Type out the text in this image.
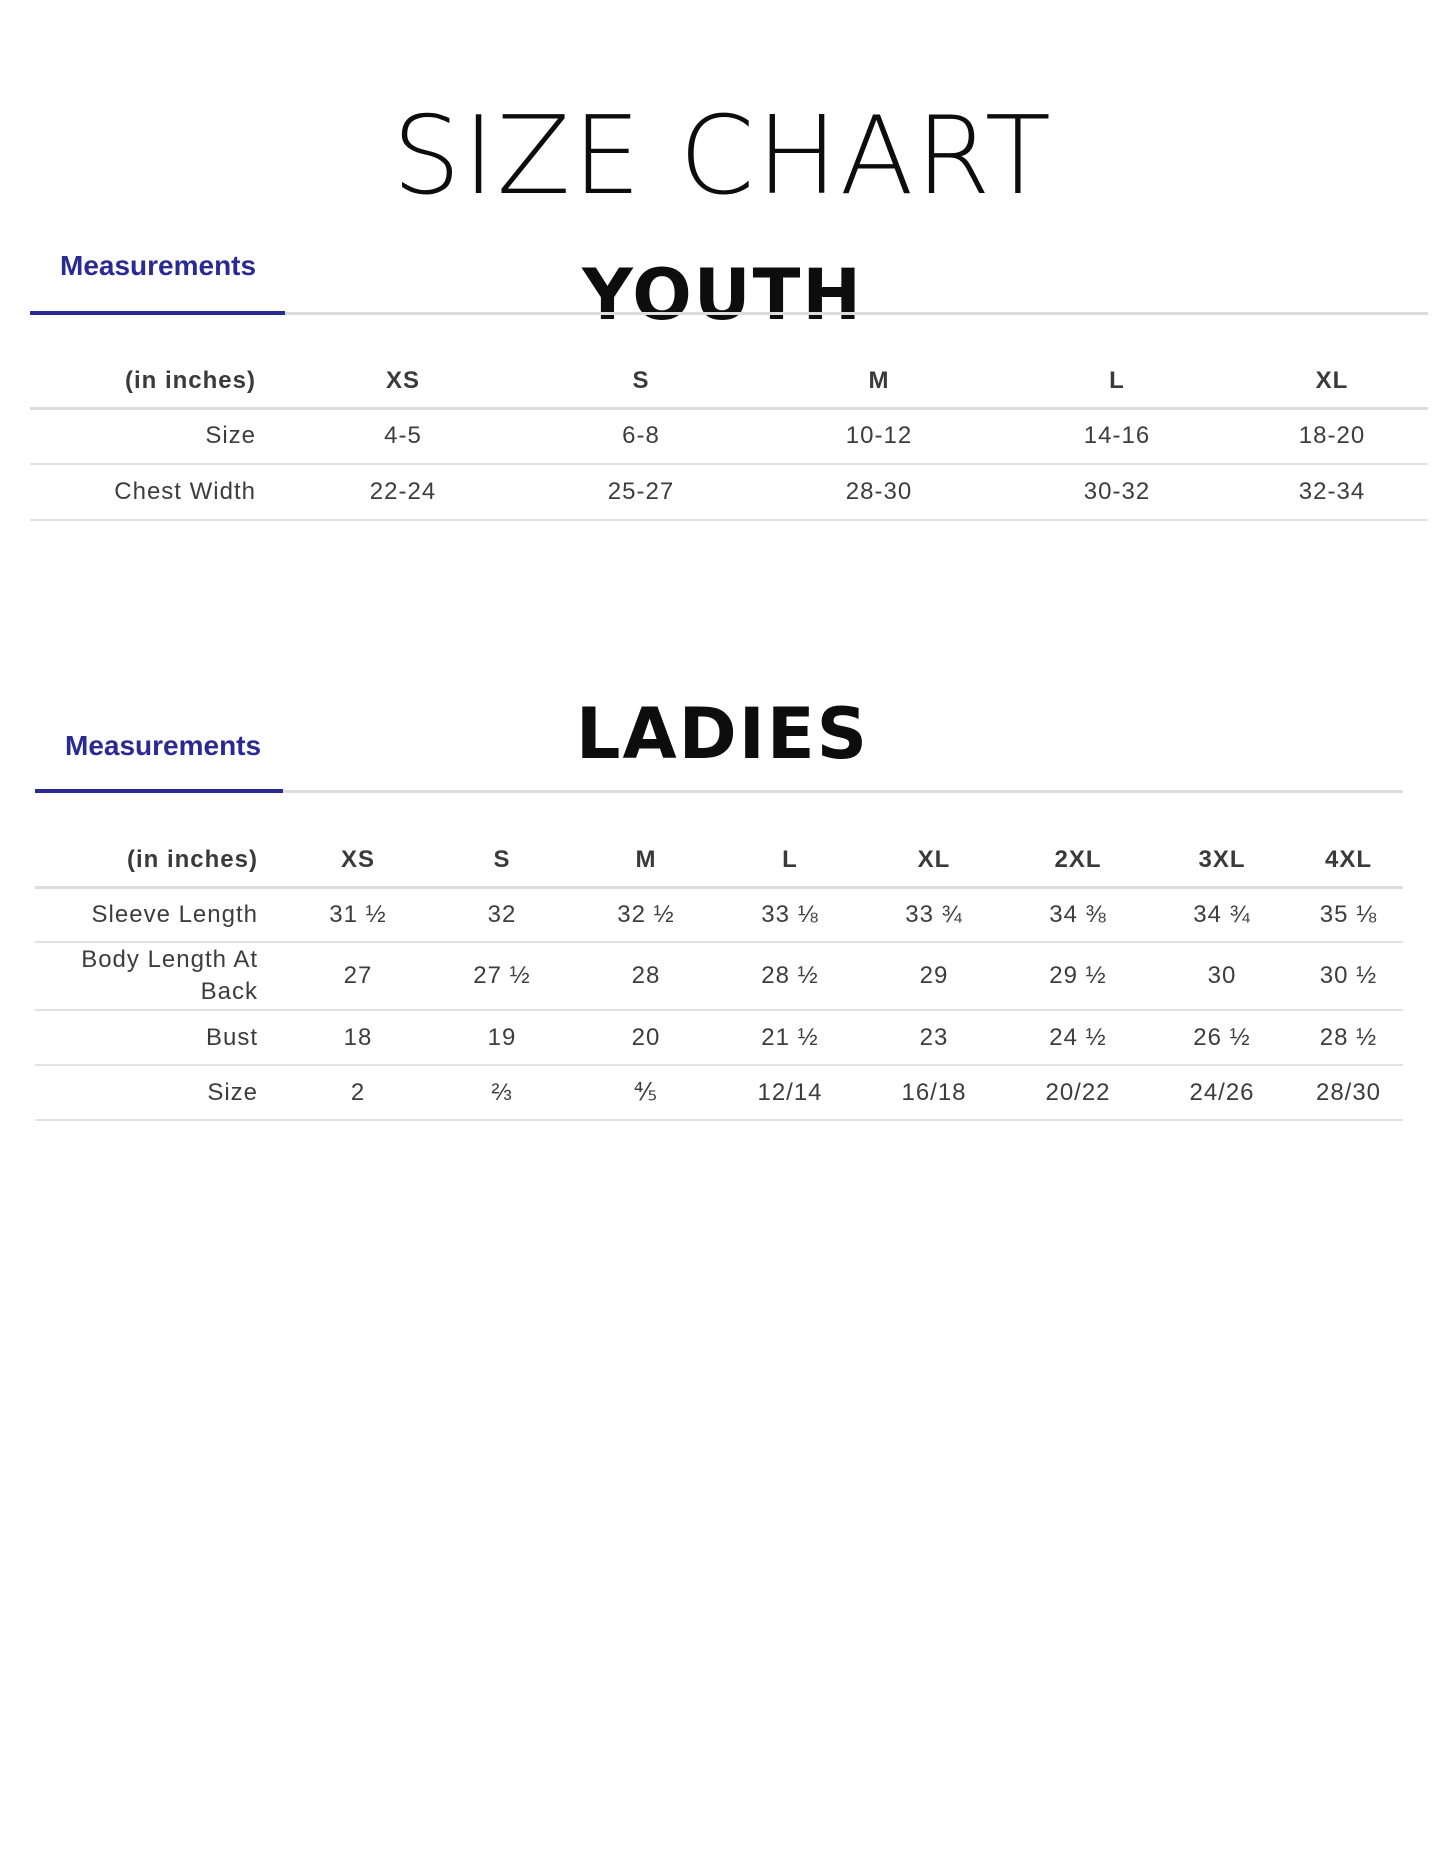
SIZE CHART
YOUTH
Measurements
(in inches)	XS	S	M	L	XL
Size	4-5	6-8	10-12	14-16	18-20
Chest Width	22-24	25-27	28-30	30-32	32-34
LADIES
Measurements
(in inches)	XS	S	M	L	XL	2XL	3XL	4XL
Sleeve Length	31 ½	32	32 ½	33 ⅛	33 ¾	34 ⅜	34 ¾	35 ⅛
Body Length At Back	27	27 ½	28	28 ½	29	29 ½	30	30 ½
Bust	18	19	20	21 ½	23	24 ½	26 ½	28 ½
Size	2	⅔	⅘	12/14	16/18	20/22	24/26	28/30
